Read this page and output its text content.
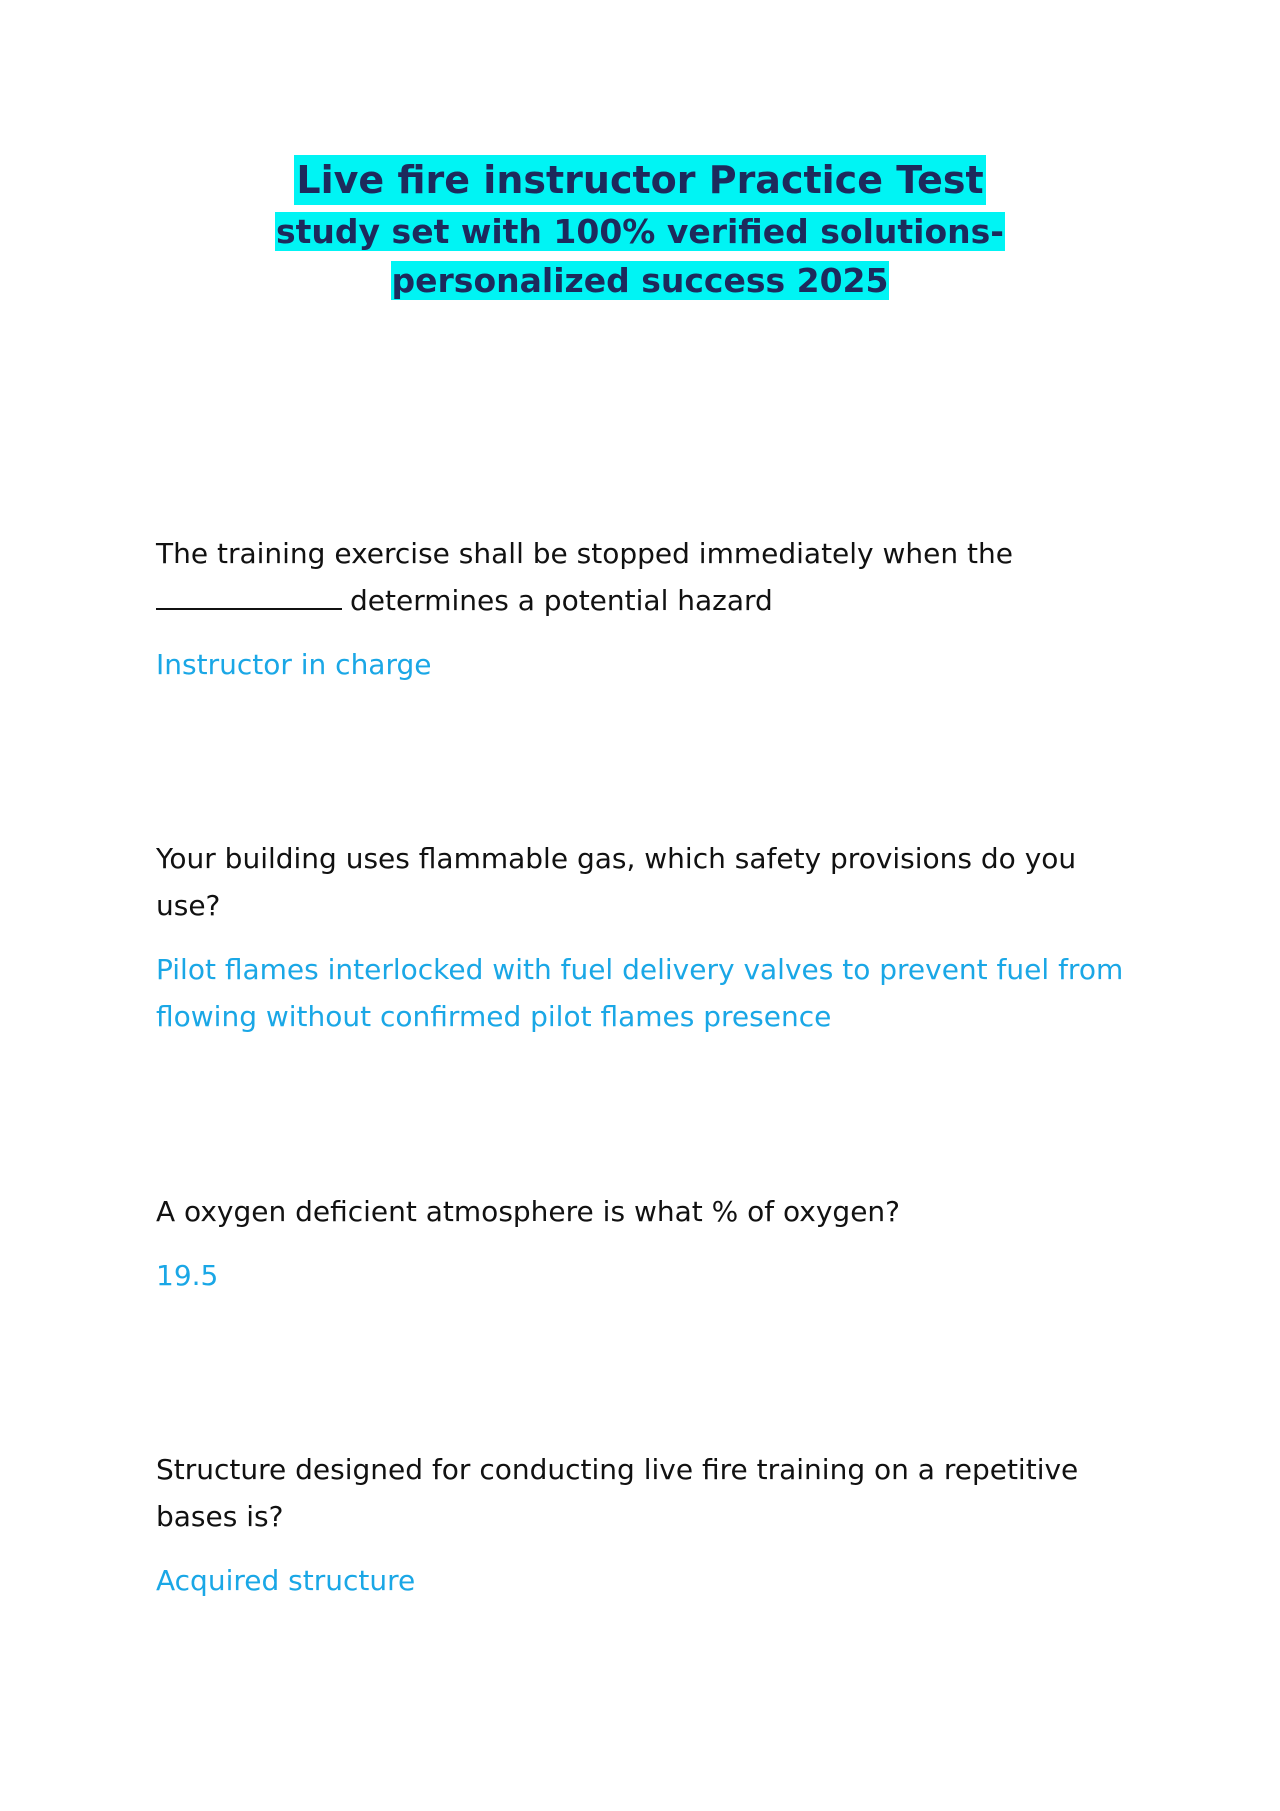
Live fire instructor Practice Test
study set with 100% verified solutions-personalized success 2025

The training exercise shall be stopped immediately when the
determines a potential hazard

Instructor in charge

Your building uses flammable gas, which safety provisions do you use?

Pilot flames interlocked with fuel delivery valves to prevent fuel from flowing without confirmed pilot flames presence

A oxygen deficient atmosphere is what % of oxygen?

19.5

Structure designed for conducting live fire training on a repetitive bases is?

Acquired structure
